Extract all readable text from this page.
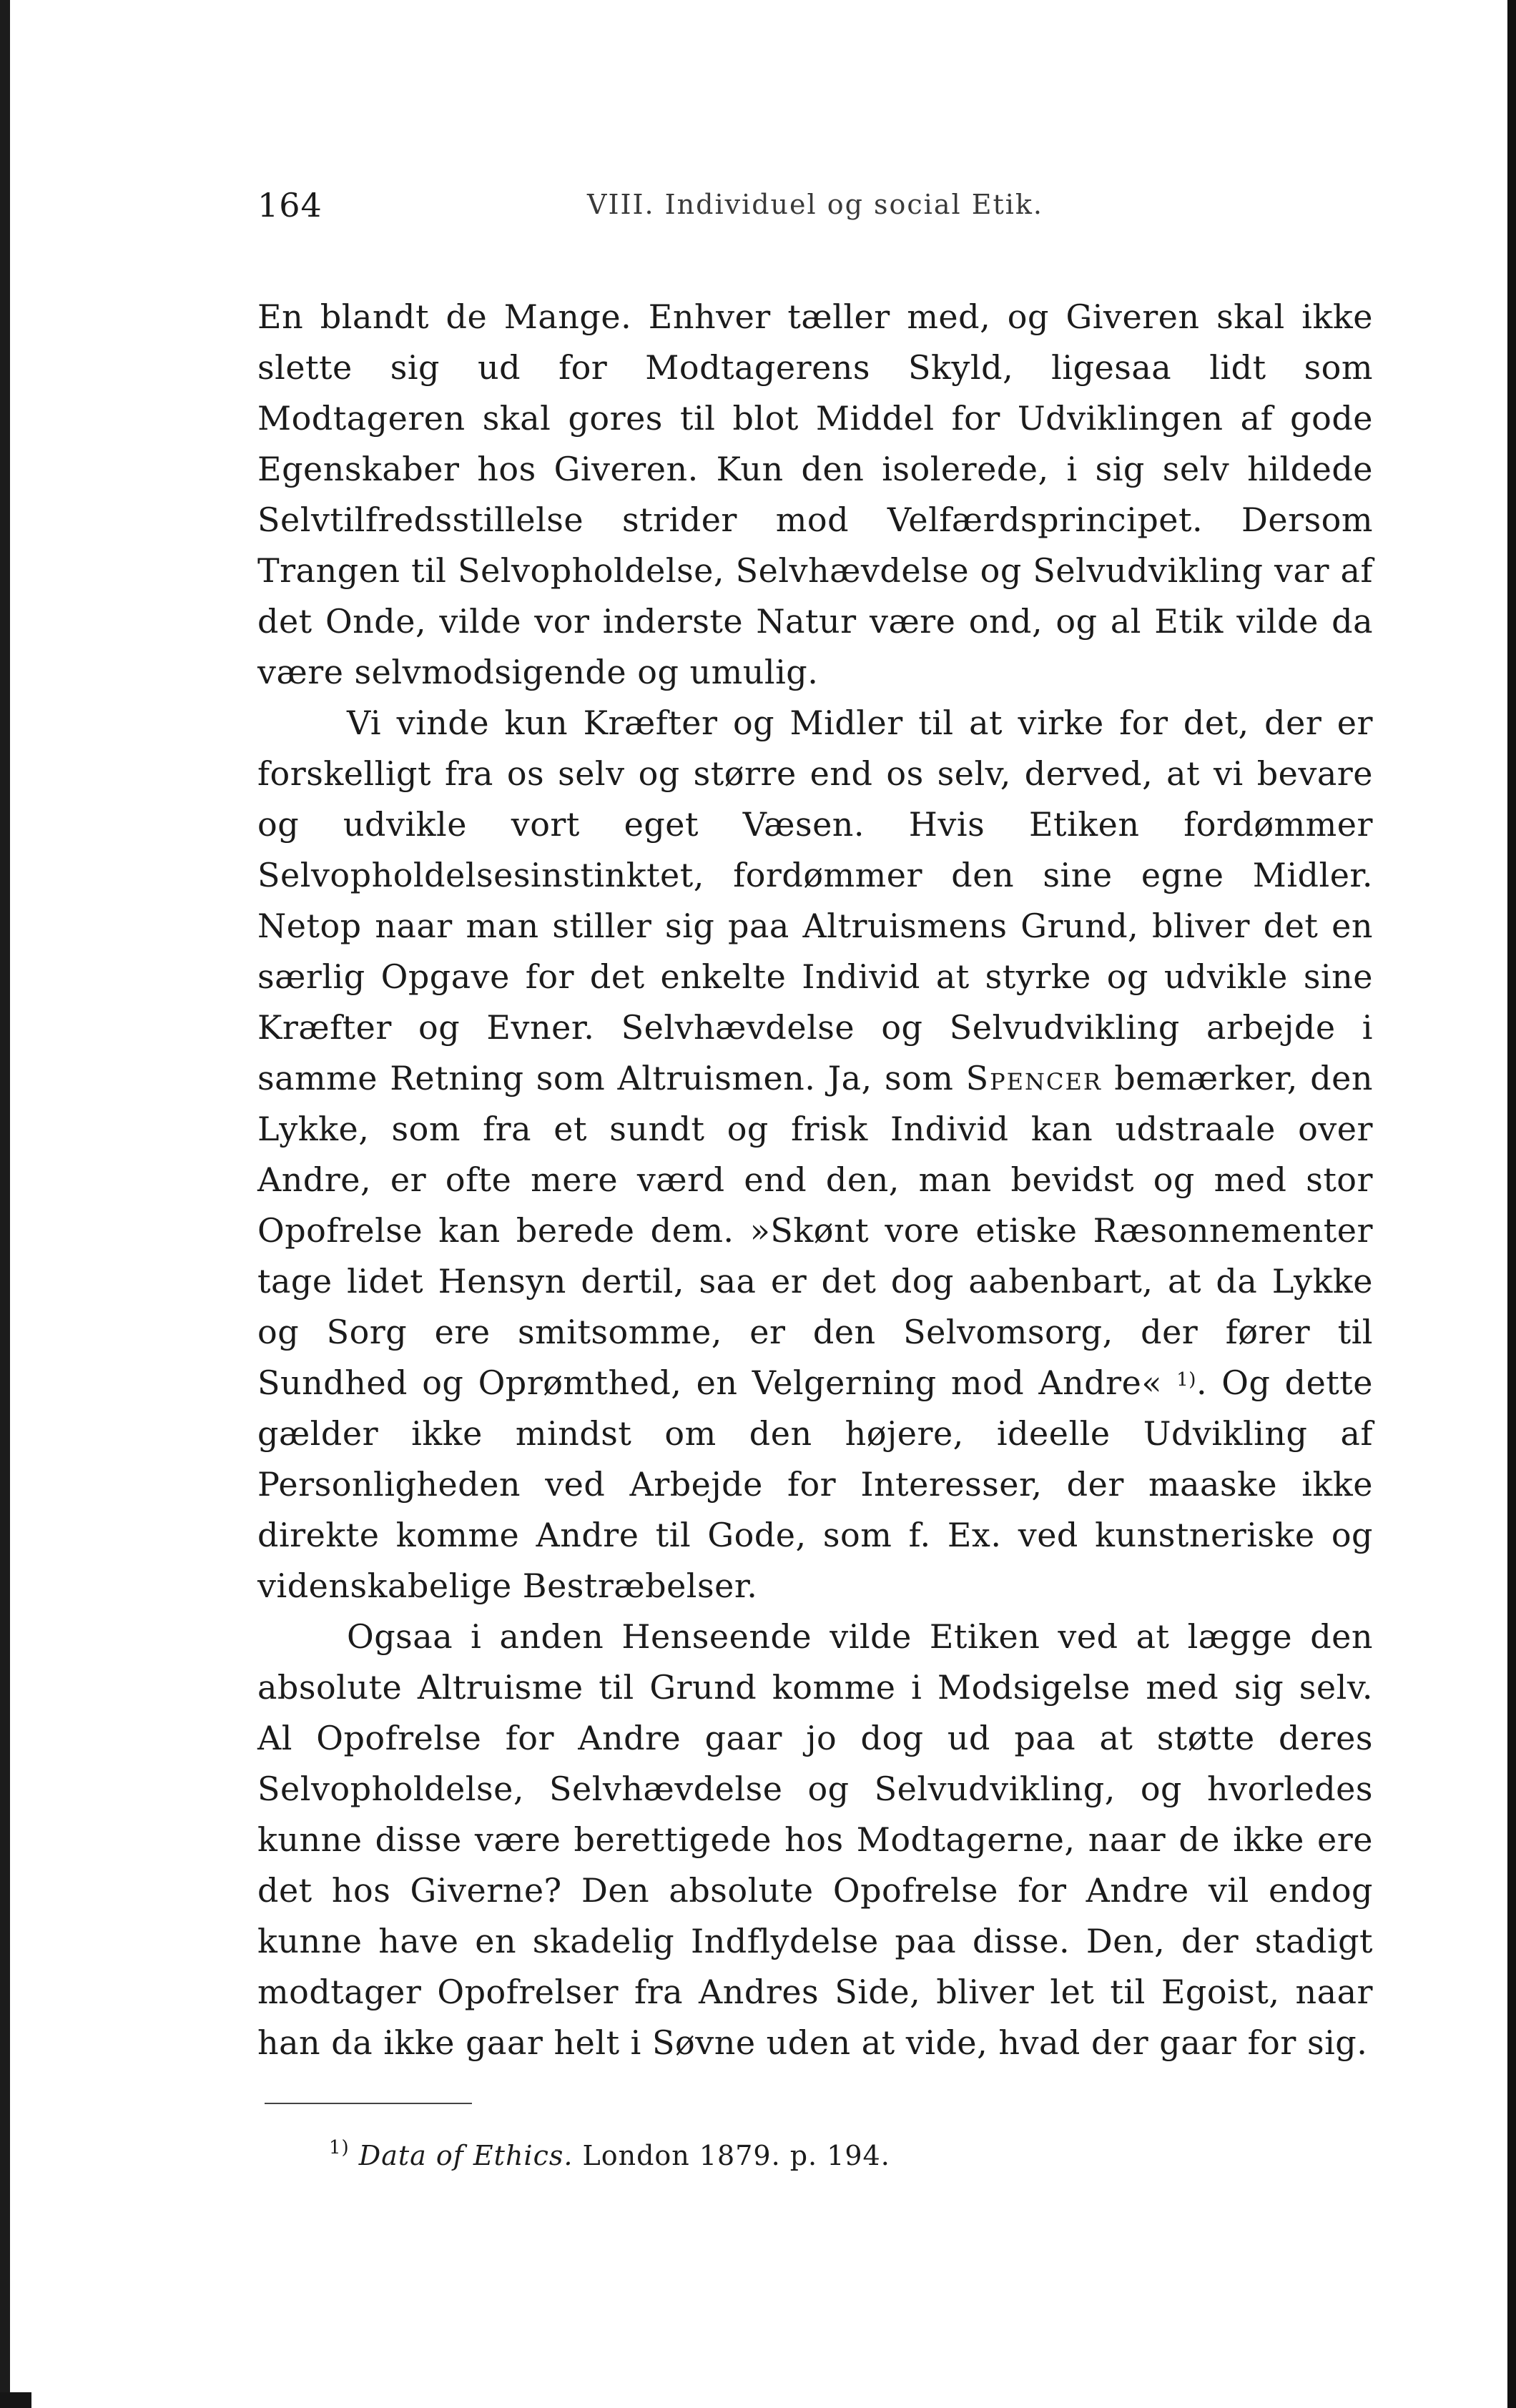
164	VIII. Individuel og social Etik.

En blandt de Mange. Enhver tæller med, og Giveren skal ikke slette sig ud for Modtagerens Skyld, ligesaa lidt som Modtageren skal gores til blot Middel for Udviklingen af gode Egenskaber hos Giveren. Kun den isolerede, i sig selv hildede Selvtilfredsstillelse strider mod Velfærdsprincipet. Dersom Trangen til Selvopholdelse, Selvhævdelse og Selvudvikling var af det Onde, vilde vor inderste Natur være ond, og al Etik vilde da være selvmodsigende og umulig.

Vi vinde kun Kræfter og Midler til at virke for det, der er forskelligt fra os selv og større end os selv, derved, at vi bevare og udvikle vort eget Væsen. Hvis Etiken fordømmer Selvopholdelsesinstinktet, fordømmer den sine egne Midler. Netop naar man stiller sig paa Altruismens Grund, bliver det en særlig Opgave for det enkelte Individ at styrke og udvikle sine Kræfter og Evner. Selvhævdelse og Selvudvikling arbejde i samme Retning som Altruismen. Ja, som Spencer bemærker, den Lykke, som fra et sundt og frisk Individ kan udstraale over Andre, er ofte mere værd end den, man bevidst og med stor Opofrelse kan berede dem. »Skønt vore etiske Ræsonnementer tage lidet Hensyn dertil, saa er det dog aabenbart, at da Lykke og Sorg ere smitsomme, er den Selvomsorg, der fører til Sundhed og Oprømthed, en Velgerning mod Andre« $^{1)}$. Og dette gælder ikke mindst om den højere, ideelle Udvikling af Personligheden ved Arbejde for Interesser, der maaske ikke direkte komme Andre til Gode, som f. Ex. ved kunstneriske og videnskabelige Bestræbelser.

Ogsaa i anden Henseende vilde Etiken ved at lægge den absolute Altruisme til Grund komme i Modsigelse med sig selv. Al Opofrelse for Andre gaar jo dog ud paa at støtte deres Selvopholdelse, Selvhævdelse og Selvudvikling, og hvorledes kunne disse være berettigede hos Modtagerne, naar de ikke ere det hos Giverne? Den absolute Opofrelse for Andre vil endog kunne have en skadelig Indflydelse paa disse. Den, der stadigt modtager Opofrelser fra Andres Side, bliver let til Egoist, naar han da ikke gaar helt i Søvne uden at vide, hvad der gaar for sig.

$^{1)}$ Data of Ethics. London 1879. p. 194.
